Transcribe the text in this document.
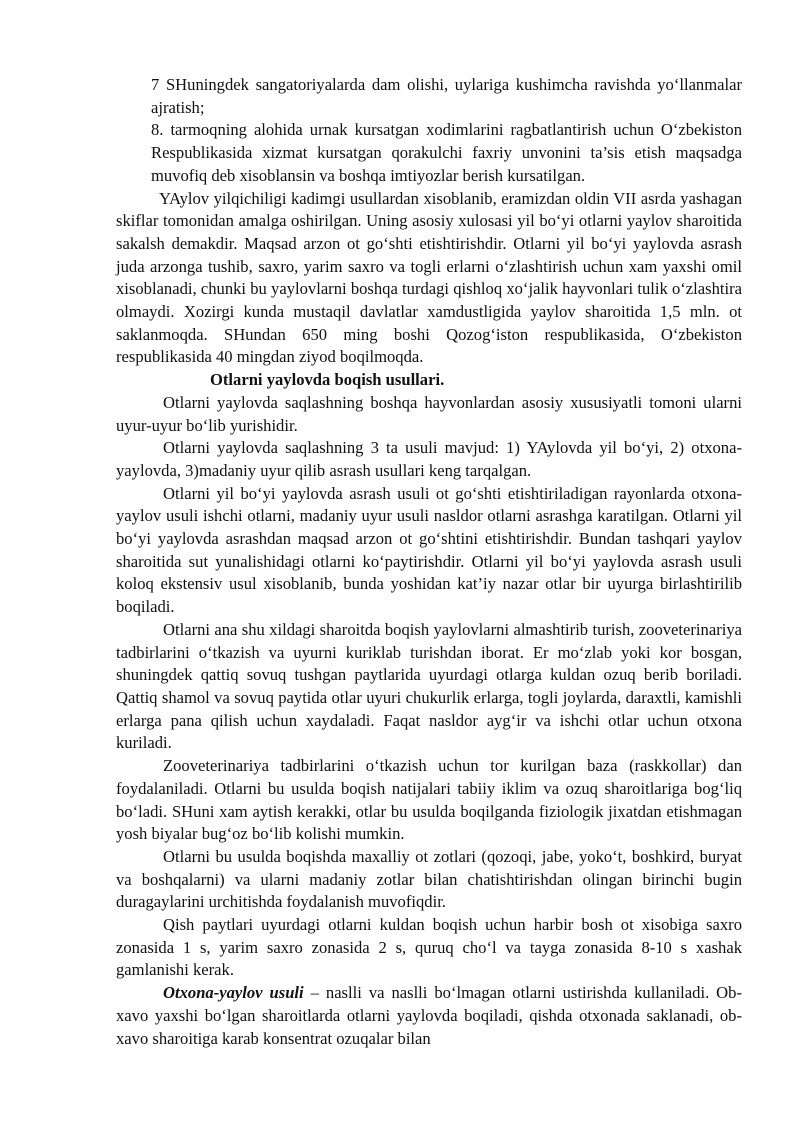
7 SHuningdek sangatoriyalarda dam olishi, uylariga kushimcha ravishda yo‘llanmalar ajratish;

8. tarmoqning alohida urnak kursatgan xodimlarini ragbatlantirish uchun O‘zbekiston Respublikasida xizmat kursatgan qorakulchi faxriy unvonini ta’sis etish maqsadga muvofiq deb xisoblansin va boshqa imtiyozlar berish kursatilgan.

YAylov yilqichiligi kadimgi usullardan xisoblanib, eramizdan oldin VII asrda yashagan skiflar tomonidan amalga oshirilgan. Uning asosiy xulosasi yil bo‘yi otlarni yaylov sharoitida sakalsh demakdir. Maqsad arzon ot go‘shti etishtirishdir. Otlarni yil bo‘yi yaylovda asrash juda arzonga tushib, saxro, yarim saxro va togli erlarni o‘zlashtirish uchun xam yaxshi omil xisoblanadi, chunki bu yaylovlarni boshqa turdagi qishloq xo‘jalik hayvonlari tulik o‘zlashtira olmaydi. Xozirgi kunda mustaqil davlatlar xamdustligida yaylov sharoitida 1,5 mln. ot saklanmoqda. SHundan 650 ming boshi Qozog‘iston respublikasida, O‘zbekiston respublikasida 40 mingdan ziyod boqilmoqda.

Otlarni yaylovda boqish usullari.

Otlarni yaylovda saqlashning boshqa hayvonlardan asosiy xususiyatli tomoni ularni uyur-uyur bo‘lib yurishidir.

Otlarni yaylovda saqlashning 3 ta usuli mavjud: 1) YAylovda yil bo‘yi, 2) otxona-yaylovda, 3)madaniy uyur qilib asrash usullari keng tarqalgan.

Otlarni yil bo‘yi yaylovda asrash usuli ot go‘shti etishtiriladigan rayonlarda otxona-yaylov usuli ishchi otlarni, madaniy uyur usuli nasldor otlarni asrashga karatilgan. Otlarni yil bo‘yi yaylovda asrashdan maqsad arzon ot go‘shtini etishtirishdir. Bundan tashqari yaylov sharoitida sut yunalishidagi otlarni ko‘paytirishdir. Otlarni yil bo‘yi yaylovda asrash usuli koloq ekstensiv usul xisoblanib, bunda yoshidan kat’iy nazar otlar bir uyurga birlashtirilib boqiladi.

Otlarni ana shu xildagi sharoitda boqish yaylovlarni almashtirib turish, zooveterinariya tadbirlarini o‘tkazish va uyurni kuriklab turishdan iborat. Er mo‘zlab yoki kor bosgan, shuningdek qattiq sovuq tushgan paytlarida uyurdagi otlarga kuldan ozuq berib boriladi. Qattiq shamol va sovuq paytida otlar uyuri chukurlik erlarga, togli joylarda, daraxtli, kamishli erlarga pana qilish uchun xaydaladi. Faqat nasldor ayg‘ir va ishchi otlar uchun otxona kuriladi.

Zooveterinariya tadbirlarini o‘tkazish uchun tor kurilgan baza (raskkollar) dan foydalaniladi. Otlarni bu usulda boqish natijalari tabiiy iklim va ozuq sharoitlariga bog‘liq bo‘ladi. SHuni xam aytish kerakki, otlar bu usulda boqilganda fiziologik jixatdan etishmagan yosh biyalar bug‘oz bo‘lib kolishi mumkin.

Otlarni bu usulda boqishda maxalliy ot zotlari (qozoqi, jabe, yoko‘t, boshkird, buryat va boshqalarni) va ularni madaniy zotlar bilan chatishtirishdan olingan birinchi bugin duragaylarini urchitishda foydalanish muvofiqdir.

Qish paytlari uyurdagi otlarni kuldan boqish uchun harbir bosh ot xisobiga saxro zonasida 1 s, yarim saxro zonasida 2 s, quruq cho‘l va tayga zonasida 8-10 s xashak gamlanishi kerak.

Otxona-yaylov usuli – naslli va naslli bo‘lmagan otlarni ustirishda kullaniladi. Ob-xavo yaxshi bo‘lgan sharoitlarda otlarni yaylovda boqiladi, qishda otxonada saklanadi, ob-xavo sharoitiga karab konsentrat ozuqalar bilan
